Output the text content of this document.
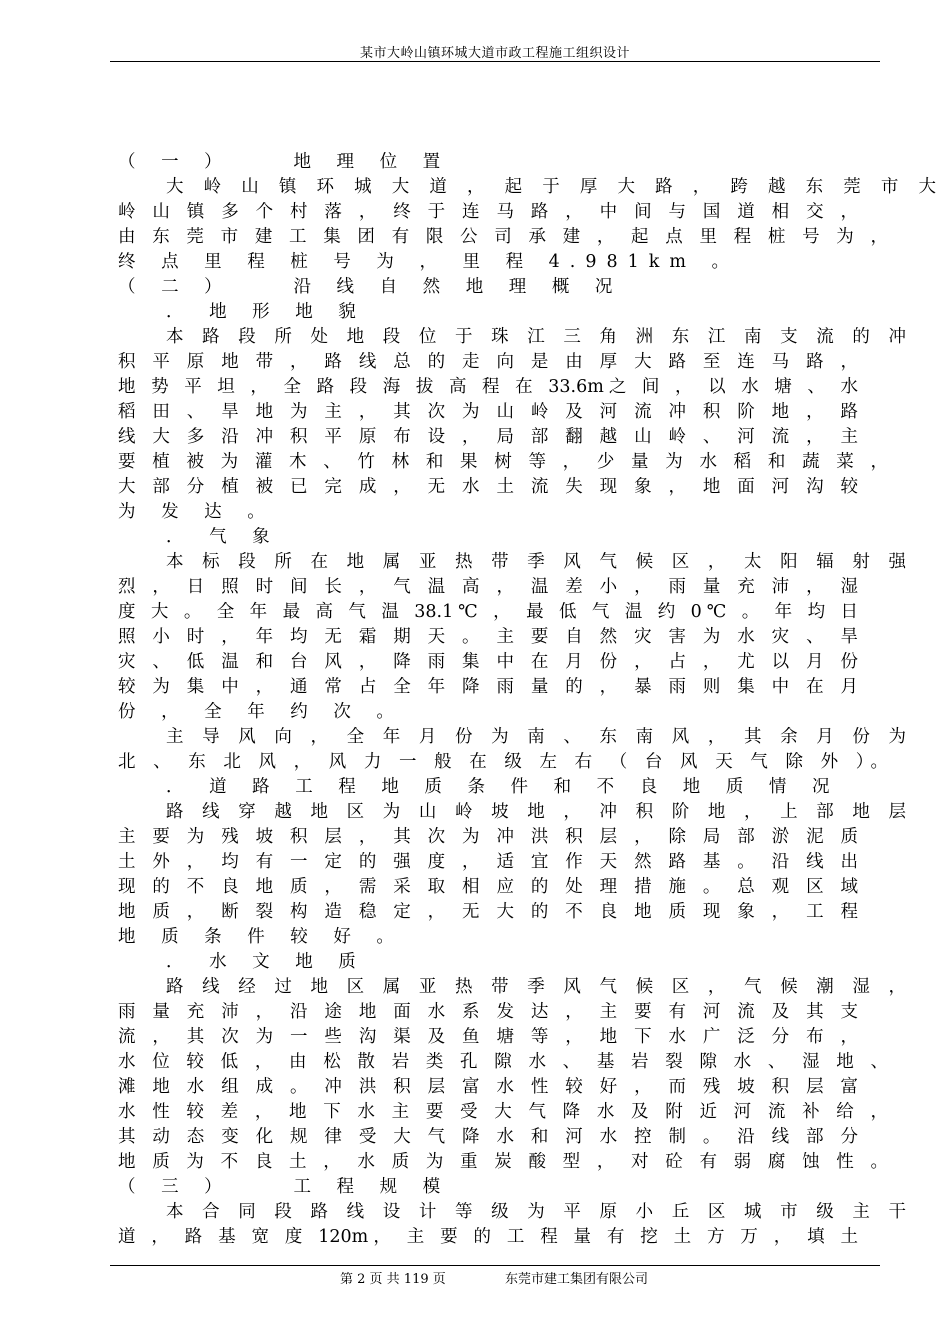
某市大岭山镇环城大道市政工程施工组织设计
（ 一 ）　　 地 理 位 置
大 岭 山 镇 环 城 大 道 ， 起 于 厚 大 路 ， 跨 越 东 莞 市 大
岭 山 镇 多 个 村 落 ， 终 于 连 马 路 ， 中 间 与 国 道 相 交 ，
由 东 莞 市 建 工 集 团 有 限 公 司 承 建 ， 起 点 里 程 桩 号 为 ，
终 点 里 程 桩 号 为 ， 里 程 4.981km 。
（ 二 ）　　 沿 线 自 然 地 理 概 况
． 地 形 地 貌
本 路 段 所 处 地 段 位 于 珠 江 三 角 洲 东 江 南 支 流 的 冲
积 平 原 地 带 ， 路 线 总 的 走 向 是 由 厚 大 路 至 连 马 路 ，
地 势 平 坦 ， 全 路 段 海 拔 高 程 在 33.6m之 间 ， 以 水 塘 、 水
稻 田 、 旱 地 为 主 ， 其 次 为 山 岭 及 河 流 冲 积 阶 地 ， 路
线 大 多 沿 冲 积 平 原 布 设 ， 局 部 翻 越 山 岭 、 河 流 ， 主
要 植 被 为 灌 木 、 竹 林 和 果 树 等 ， 少 量 为 水 稻 和 蔬 菜 ，
大 部 分 植 被 已 完 成 ， 无 水 土 流 失 现 象 ， 地 面 河 沟 较
为 发 达 。
． 气 象
本 标 段 所 在 地 属 亚 热 带 季 风 气 候 区 ， 太 阳 辐 射 强
烈 ， 日 照 时 间 长 ， 气 温 高 ， 温 差 小 ， 雨 量 充 沛 ， 湿
度 大 。 全 年 最 高 气 温 38.1℃ ， 最 低 气 温 约 0℃ 。 年 均 日
照 小 时 ， 年 均 无 霜 期 天 。 主 要 自 然 灾 害 为 水 灾 、 旱
灾 、 低 温 和 台 风 ， 降 雨 集 中 在 月 份 ， 占 ， 尤 以 月 份
较 为 集 中 ， 通 常 占 全 年 降 雨 量 的 ， 暴 雨 则 集 中 在 月
份 ， 全 年 约 次 。
主 导 风 向 ， 全 年 月 份 为 南 、 东 南 风 ， 其 余 月 份 为
北 、 东 北 风 ， 风 力 一 般 在 级 左 右 （ 台 风 天 气 除 外 ）。
． 道 路 工 程 地 质 条 件 和 不 良 地 质 情 况
路 线 穿 越 地 区 为 山 岭 坡 地 ， 冲 积 阶 地 ， 上 部 地 层
主 要 为 残 坡 积 层 ， 其 次 为 冲 洪 积 层 ， 除 局 部 淤 泥 质
土 外 ， 均 有 一 定 的 强 度 ， 适 宜 作 天 然 路 基 。 沿 线 出
现 的 不 良 地 质 ， 需 采 取 相 应 的 处 理 措 施 。 总 观 区 域
地 质 ， 断 裂 构 造 稳 定 ， 无 大 的 不 良 地 质 现 象 ， 工 程
地 质 条 件 较 好 。
． 水 文 地 质
路 线 经 过 地 区 属 亚 热 带 季 风 气 候 区 ， 气 候 潮 湿 ，
雨 量 充 沛 ， 沿 途 地 面 水 系 发 达 ， 主 要 有 河 流 及 其 支
流 ， 其 次 为 一 些 沟 渠 及 鱼 塘 等 ， 地 下 水 广 泛 分 布 ，
水 位 较 低 ， 由 松 散 岩 类 孔 隙 水 、 基 岩 裂 隙 水 、 湿 地 、
滩 地 水 组 成 。 冲 洪 积 层 富 水 性 较 好 ， 而 残 坡 积 层 富
水 性 较 差 ， 地 下 水 主 要 受 大 气 降 水 及 附 近 河 流 补 给 ，
其 动 态 变 化 规 律 受 大 气 降 水 和 河 水 控 制 。 沿 线 部 分
地 质 为 不 良 土 ， 水 质 为 重 炭 酸 型 ， 对 砼 有 弱 腐 蚀 性 。
（ 三 ）　　 工 程 规 模
本 合 同 段 路 线 设 计 等 级 为 平 原 小 丘 区 城 市 级 主 干
道 ， 路 基 宽 度 120m， 主 要 的 工 程 量 有 挖 土 方 万 ， 填 土
第 2 页 共 119 页	东莞市建工集团有限公司
